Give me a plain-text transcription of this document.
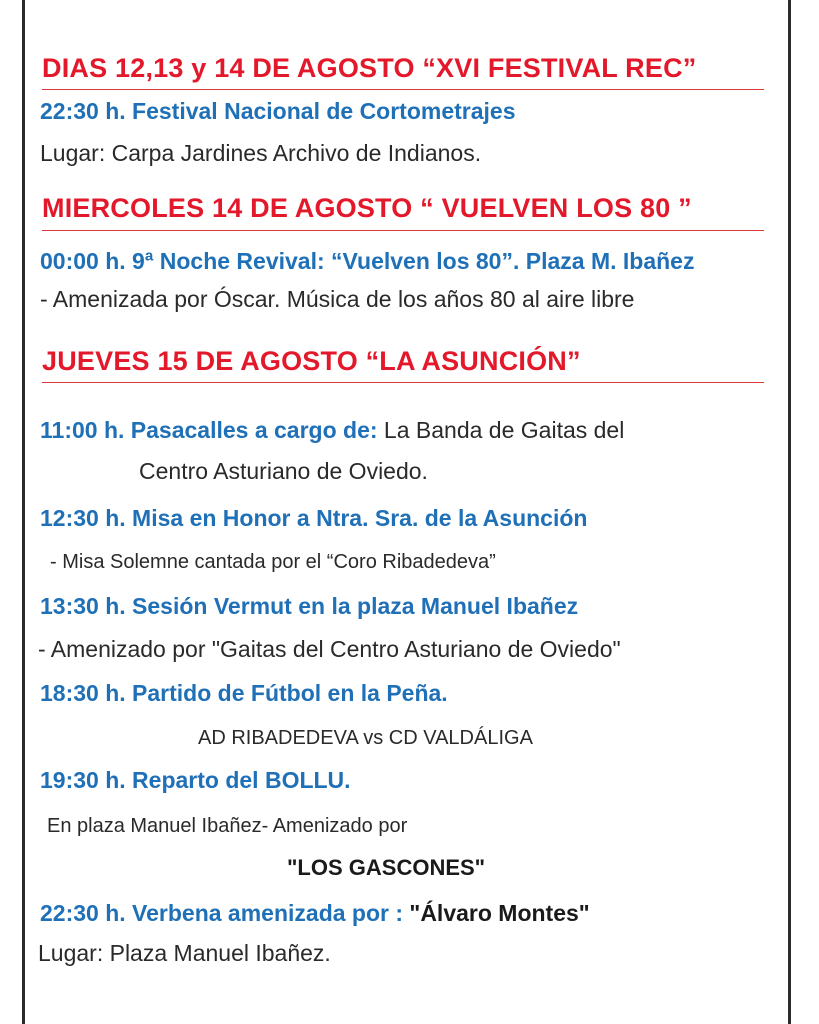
DIAS 12,13 y 14 DE AGOSTO “XVI FESTIVAL REC”
22:30 h. Festival Nacional de Cortometrajes
Lugar: Carpa Jardines Archivo de Indianos.
MIERCOLES 14 DE AGOSTO “ VUELVEN LOS 80 ”
00:00 h. 9ª Noche Revival: “Vuelven los 80”. Plaza M. Ibañez
- Amenizada por Óscar. Música de los años 80 al aire libre
JUEVES 15 DE AGOSTO “LA ASUNCIÓN”
11:00 h. Pasacalles a cargo de: La Banda de Gaitas del
Centro Asturiano de Oviedo.
12:30 h. Misa en Honor a Ntra. Sra. de la Asunción
- Misa Solemne cantada por el “Coro Ribadedeva”
13:30 h. Sesión Vermut en la plaza Manuel Ibañez
- Amenizado por "Gaitas del Centro Asturiano de Oviedo"
18:30 h. Partido de Fútbol en la Peña.
AD RIBADEDEVA vs CD VALDÁLIGA
19:30 h. Reparto del BOLLU.
En plaza Manuel Ibañez- Amenizado por
"LOS GASCONES"
22:30 h. Verbena amenizada por : "Álvaro Montes"
Lugar: Plaza Manuel Ibañez.
